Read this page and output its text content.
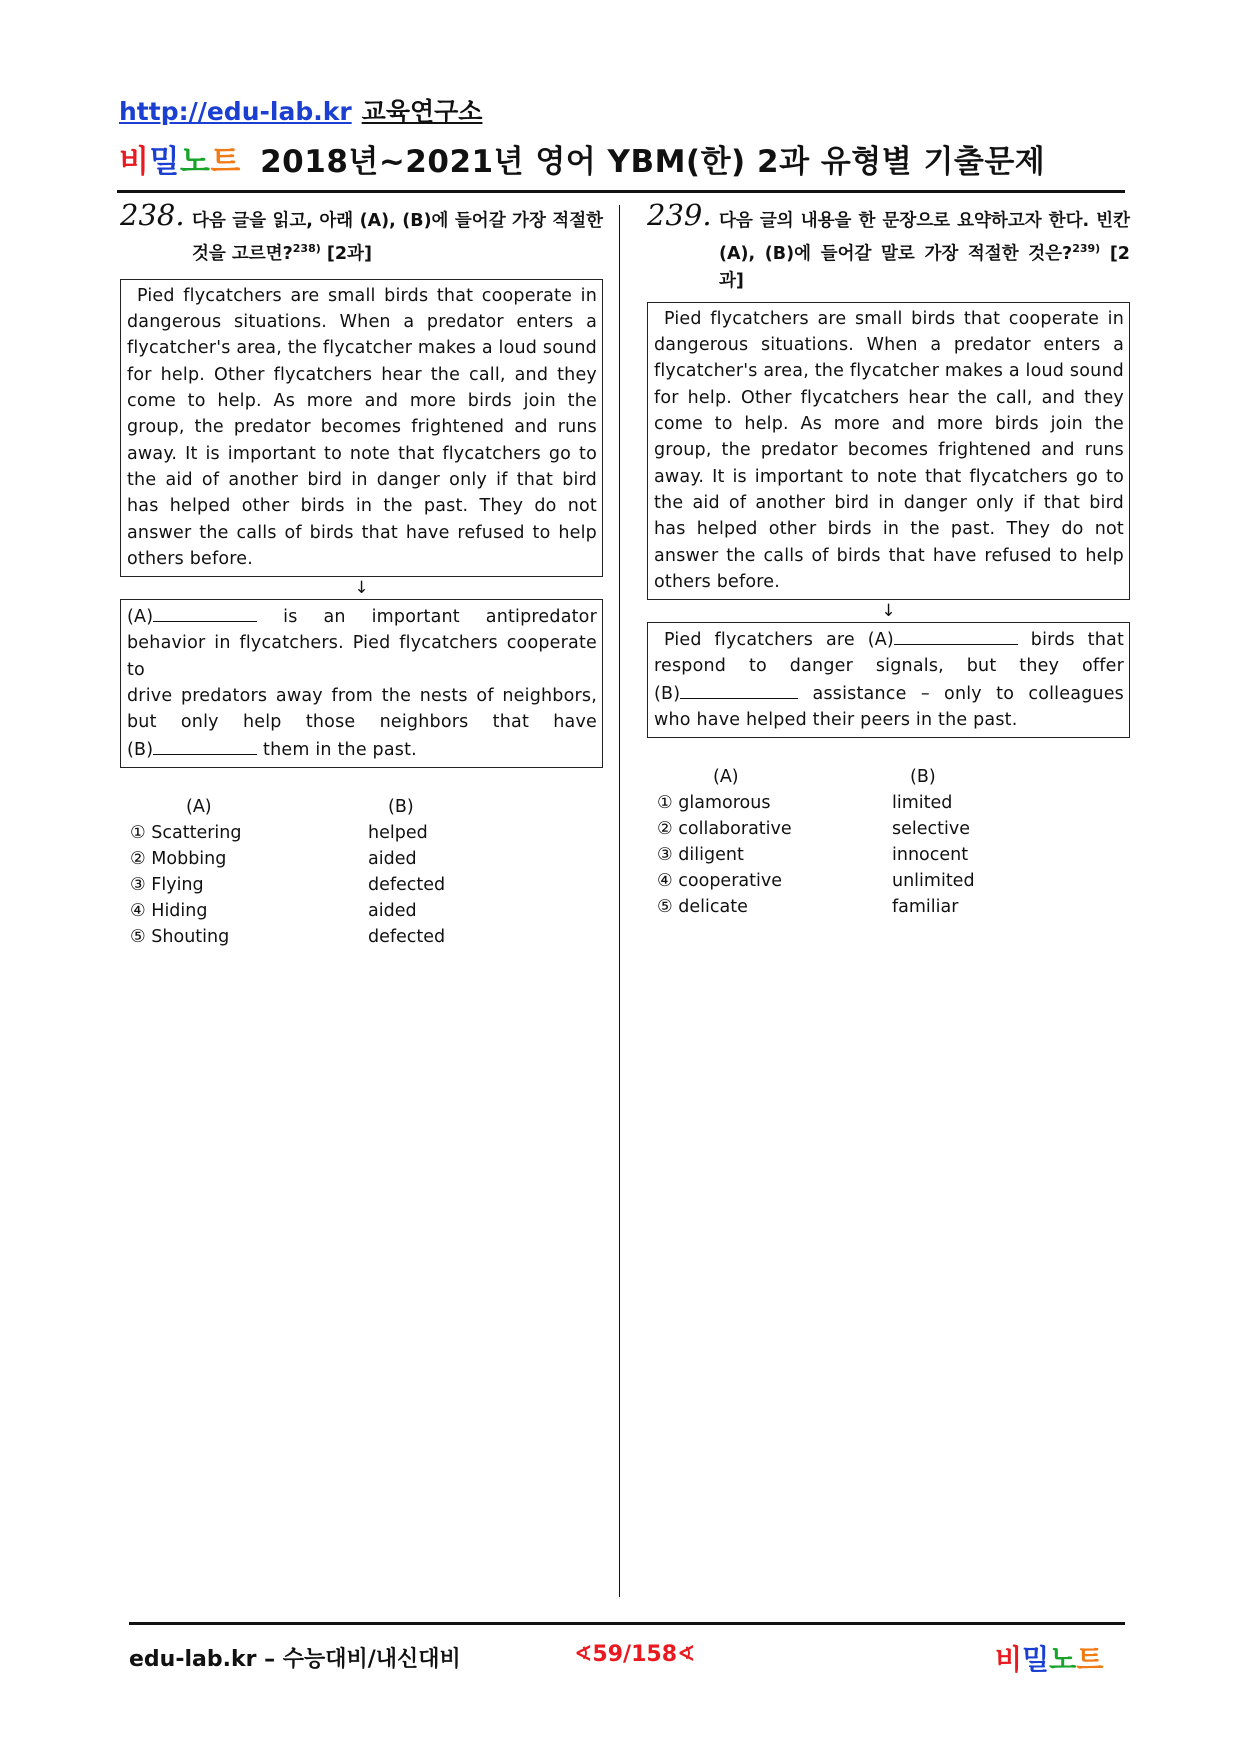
http://edu-lab.kr 교육연구소
비밀노트 2018년~2021년 영어 YBM(한) 2과 유형별 기출문제
238. 다음 글을 읽고, 아래 (A), (B)에 들어갈 가장 적절한 것을 고르면?$^{238)}$ [2과]
Pied flycatchers are small birds that cooperate in
dangerous situations. When a predator enters a
flycatcher's area, the flycatcher makes a loud sound
for help. Other flycatchers hear the call, and they
come to help. As more and more birds join the
group, the predator becomes frightened and runs
away. It is important to note that flycatchers go to
the aid of another bird in danger only if that bird
has helped other birds in the past. They do not
answer the calls of birds that have refused to help
others before.
↓
(A)	is an important antipredator
behavior in flycatchers. Pied flycatchers cooperate to
drive predators away from the nests of neighbors,
but only help those neighbors that have
(B)	them in the past.
(A)	(B)
① Scattering	helped
② Mobbing	aided
③ Flying	defected
④ Hiding	aided
⑤ Shouting	defected
239. 다음 글의 내용을 한 문장으로 요약하고자 한다. 빈칸 (A), (B)에 들어갈 말로 가장 적절한 것은?$^{239)}$ [2과]
Pied flycatchers are small birds that cooperate in
dangerous situations. When a predator enters a
flycatcher's area, the flycatcher makes a loud sound
for help. Other flycatchers hear the call, and they
come to help. As more and more birds join the
group, the predator becomes frightened and runs
away. It is important to note that flycatchers go to
the aid of another bird in danger only if that bird
has helped other birds in the past. They do not
answer the calls of birds that have refused to help
others before.
↓
Pied flycatchers are (A)	birds that
respond to danger signals, but they offer
(B)	assistance – only to colleagues
who have helped their peers in the past.
(A)	(B)
① glamorous	limited
② collaborative	selective
③ diligent	innocent
④ cooperative	unlimited
⑤ delicate	familiar
edu-lab.kr – 수능대비/내신대비	∢59/158∢	비밀노트
